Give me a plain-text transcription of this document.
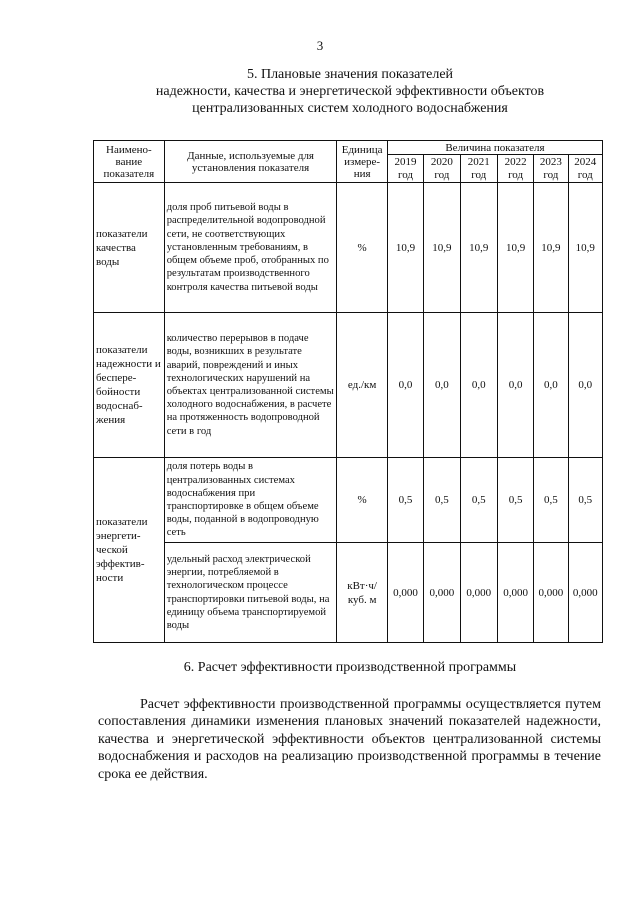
3
5. Плановые значения показателей
надежности, качества и энергетической эффективности объектов
централизованных систем холодного водоснабжения
Наимено-вание показателя	Данные, используемые для установления показателя	Единица измере-ния	Величина показателя					
			2019 год	2020 год	2021 год	2022 год	2023 год	2024 год
показатели качества воды	доля проб питьевой воды в распределительной водопроводной сети, не соответствующих установленным требованиям, в общем объеме проб, отобранных по результатам производственного контроля качества питьевой воды	%	10,9	10,9	10,9	10,9	10,9	10,9
показатели надежности и беспере-бойности водоснаб-жения	количество перерывов в подаче воды, возникших в результате аварий, повреждений и иных технологических нарушений на объектах централизованной системы холодного водоснабжения, в расчете на протяженность водопроводной сети в год	ед./км	0,0	0,0	0,0	0,0	0,0	0,0
показатели энергети-ческой эффектив-ности	доля потерь воды в централизованных системах водоснабжения при транспортировке в общем объеме воды, поданной в водопроводную сеть	%	0,5	0,5	0,5	0,5	0,5	0,5
	удельный расход электрической энергии, потребляемой в технологическом процессе транспортировки питьевой воды, на единицу объема транспортируемой воды	кВт·ч/ куб. м	0,000	0,000	0,000	0,000	0,000	0,000
6. Расчет эффективности производственной программы
Расчет эффективности производственной программы осуществляется путем сопоставления динамики изменения плановых значений показателей надежности, качества и энергетической эффективности объектов централизованной системы водоснабжения и расходов на реализацию производственной программы в течение срока ее действия.
